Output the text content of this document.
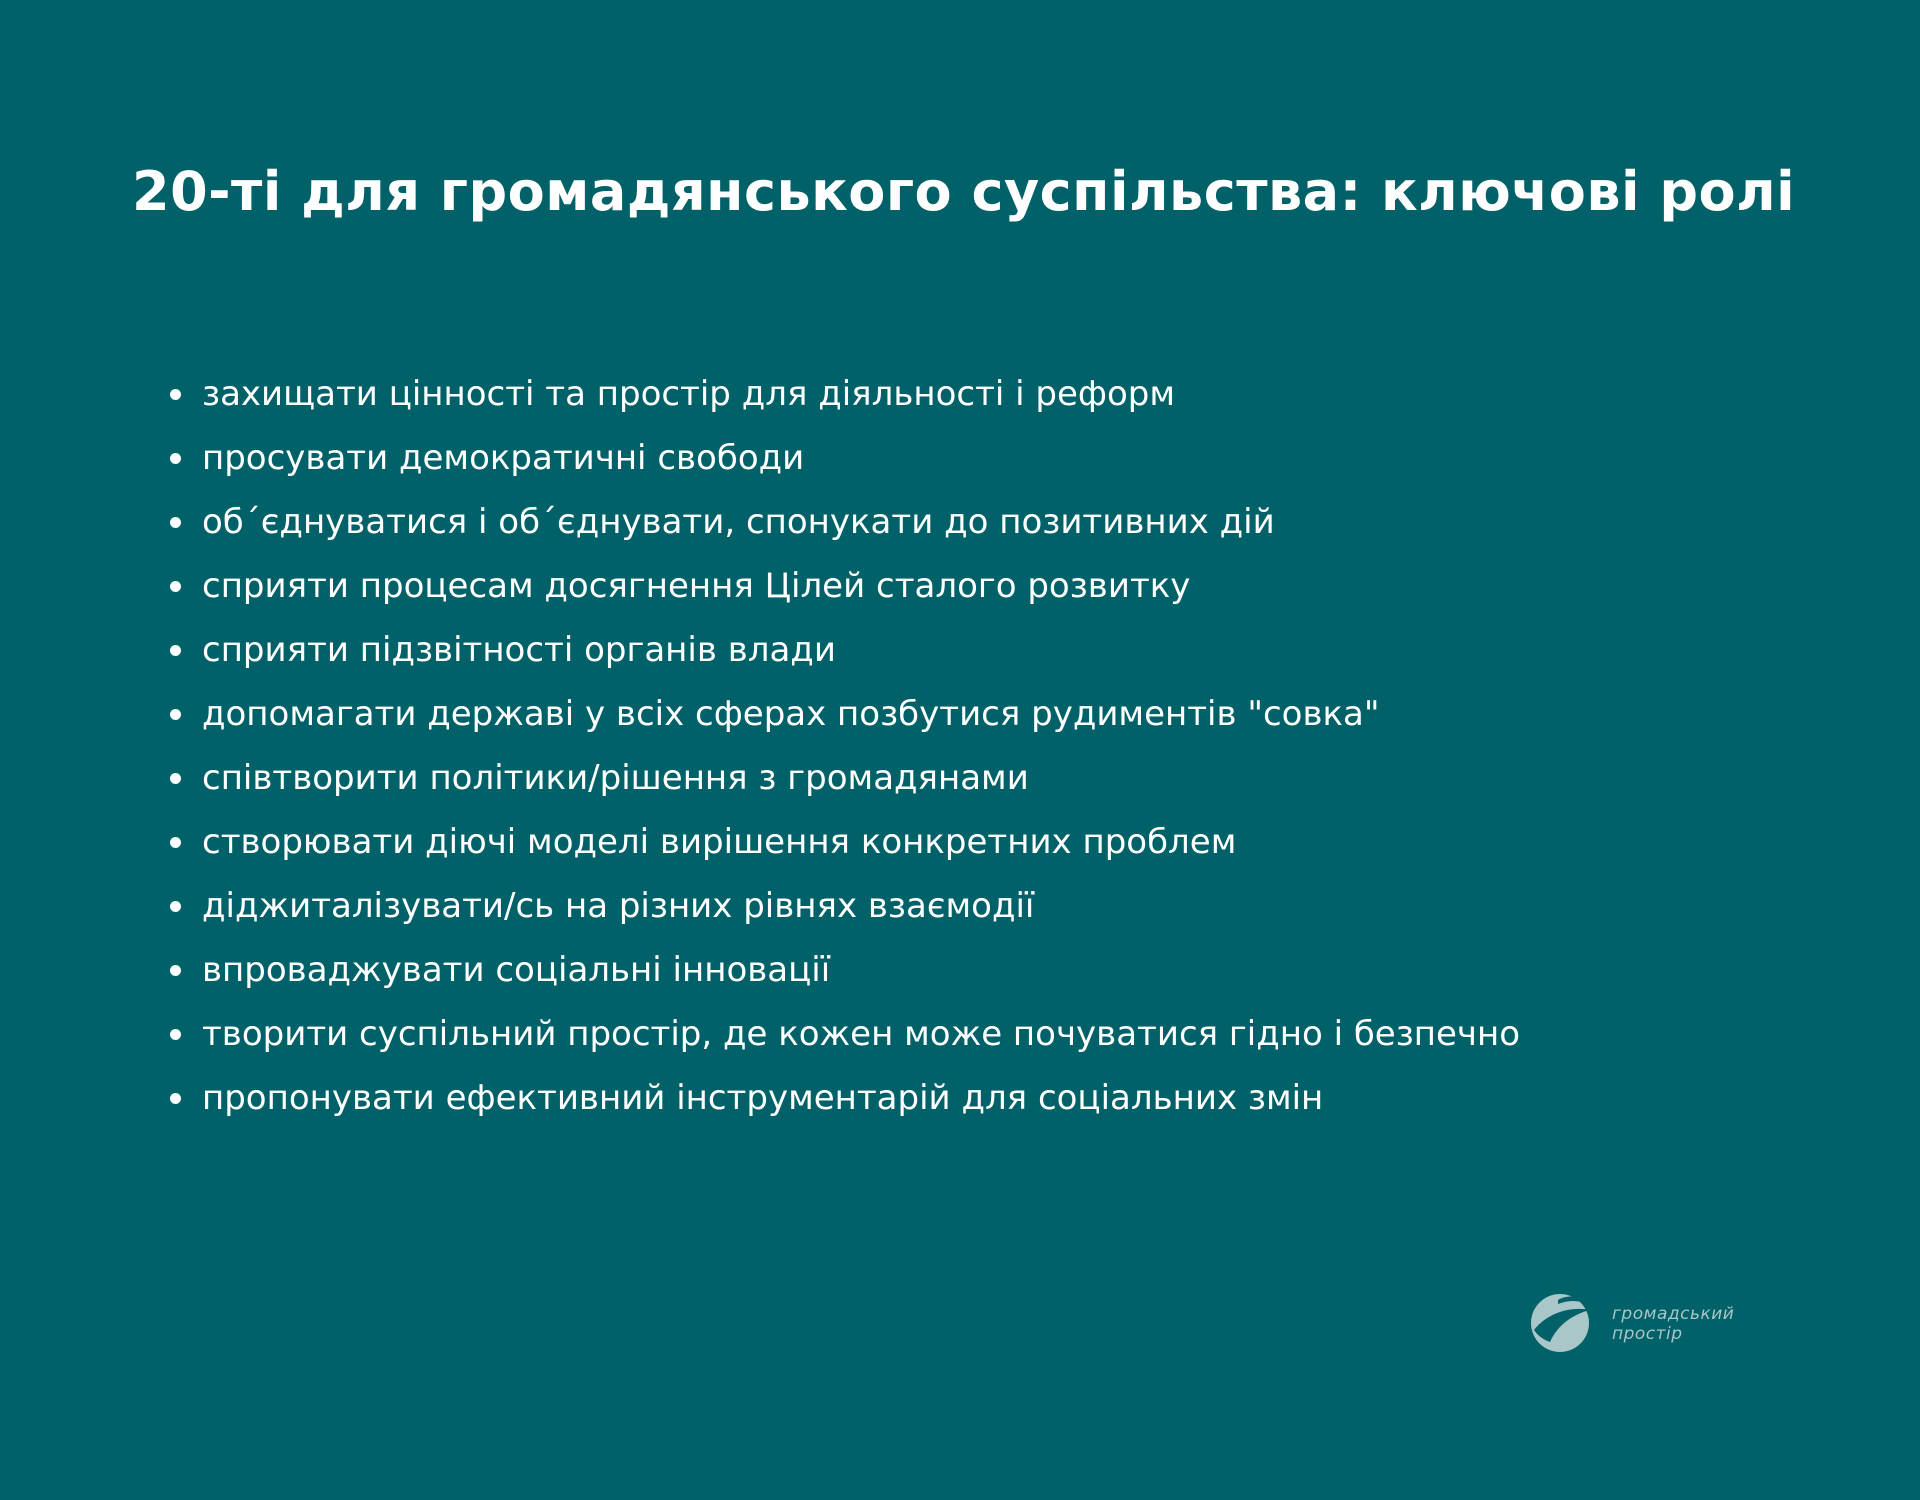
20-ті для громадянського суспільства: ключові ролі
захищати цінності та простір для діяльності і реформ
просувати демократичні свободи
об´єднуватися і об´єднувати, спонукати до позитивних дій
сприяти процесам досягнення Цілей сталого розвитку
сприяти підзвітності органів влади
допомагати державі у всіх сферах позбутися рудиментів "совка"
співтворити політики/рішення з громадянами
створювати діючі моделі вирішення конкретних проблем
діджиталізувати/сь на різних рівнях взаємодії
впроваджувати соціальні інновації
творити суспільний простір, де кожен може почуватися гідно і безпечно
пропонувати ефективний інструментарій для соціальних змін
громадський
простір
